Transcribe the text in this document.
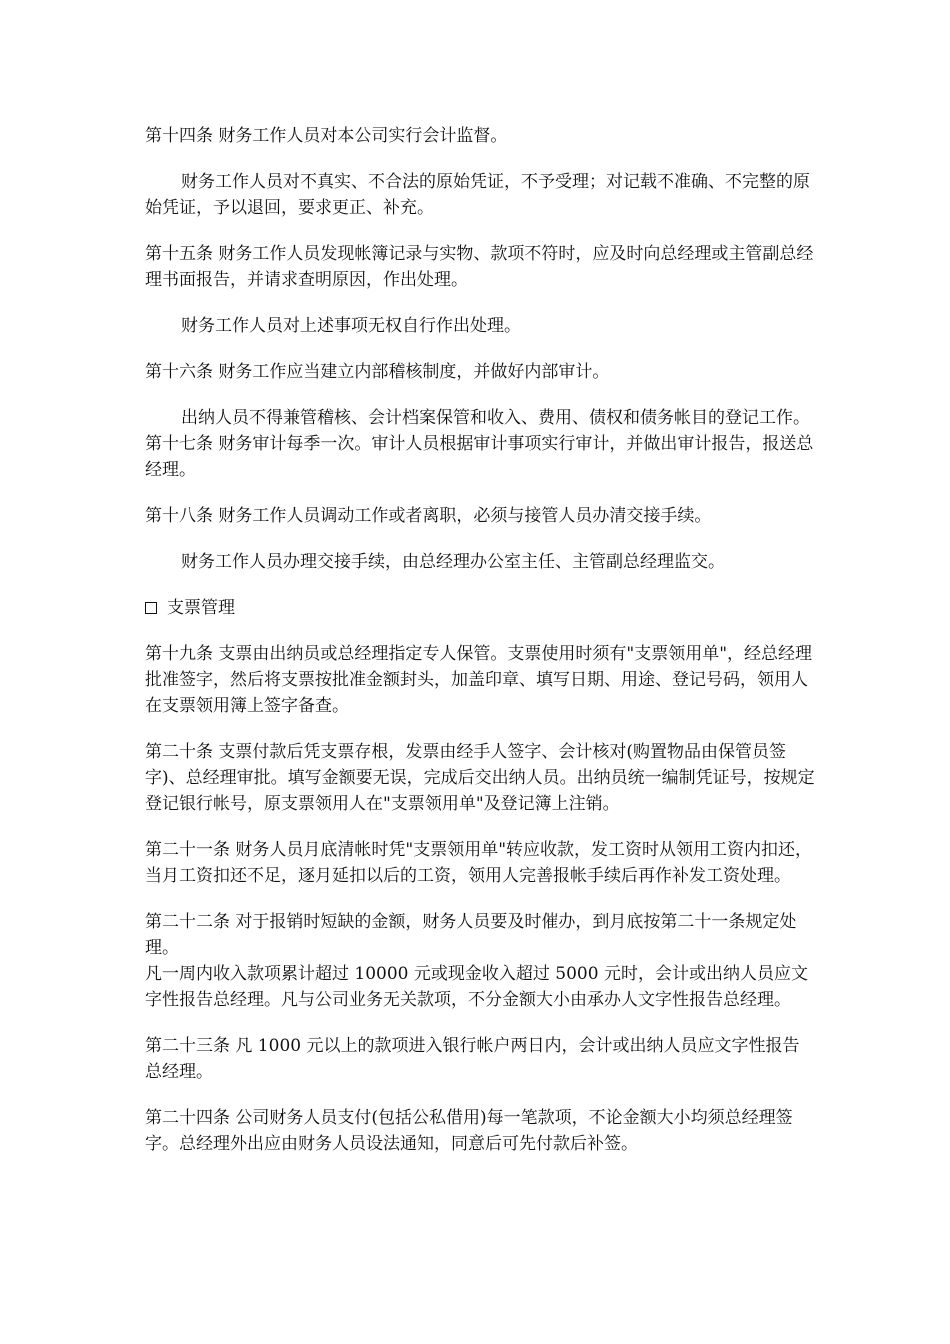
第十四条 财务工作人员对本公司实行会计监督。

财务工作人员对不真实、不合法的原始凭证，不予受理；对记载不准确、不完整的原始凭证，予以退回，要求更正、补充。

第十五条 财务工作人员发现帐簿记录与实物、款项不符时，应及时向总经理或主管副总经理书面报告，并请求查明原因，作出处理。

财务工作人员对上述事项无权自行作出处理。

第十六条 财务工作应当建立内部稽核制度，并做好内部审计。

出纳人员不得兼管稽核、会计档案保管和收入、费用、债权和债务帐目的登记工作。 第十七条 财务审计每季一次。审计人员根据审计事项实行审计，并做出审计报告，报送总经理。

第十八条 财务工作人员调动工作或者离职，必须与接管人员办清交接手续。

财务工作人员办理交接手续，由总经理办公室主任、主管副总经理监交。

支票管理

第十九条 支票由出纳员或总经理指定专人保管。支票使用时须有"支票领用单"，经总经理批准签字，然后将支票按批准金额封头，加盖印章、填写日期、用途、登记号码，领用人在支票领用簿上签字备查。

第二十条 支票付款后凭支票存根，发票由经手人签字、会计核对(购置物品由保管员签字)、总经理审批。填写金额要无误，完成后交出纳人员。出纳员统一编制凭证号，按规定登记银行帐号，原支票领用人在"支票领用单"及登记簿上注销。

第二十一条 财务人员月底清帐时凭"支票领用单"转应收款，发工资时从领用工资内扣还，当月工资扣还不足，逐月延扣以后的工资，领用人完善报帐手续后再作补发工资处理。

第二十二条 对于报销时短缺的金额，财务人员要及时催办，到月底按第二十一条规定处理。

凡一周内收入款项累计超过 10000 元或现金收入超过 5000 元时，会计或出纳人员应文字性报告总经理。凡与公司业务无关款项，不分金额大小由承办人文字性报告总经理。

第二十三条 凡 1000 元以上的款项进入银行帐户两日内，会计或出纳人员应文字性报告总经理。

第二十四条 公司财务人员支付(包括公私借用)每一笔款项，不论金额大小均须总经理签字。总经理外出应由财务人员设法通知，同意后可先付款后补签。
